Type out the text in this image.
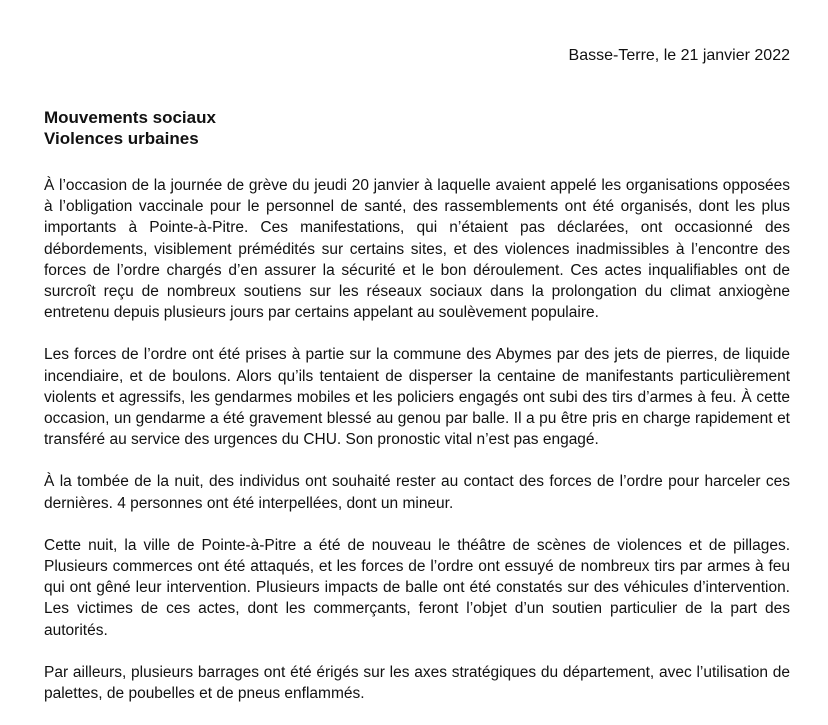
Basse-Terre, le 21 janvier 2022

Mouvements sociaux

Violences urbaines

À l’occasion de la journée de grève du jeudi 20 janvier à laquelle avaient appelé les organisations opposées à l’obligation vaccinale pour le personnel de santé, des rassemblements ont été organisés, dont les plus importants à Pointe-à-Pitre. Ces manifestations, qui n’étaient pas déclarées, ont occasionné des débordements, visiblement prémédités sur certains sites, et des violences inadmissibles à l’encontre des forces de l’ordre chargés d’en assurer la sécurité et le bon déroulement. Ces actes inqualifiables ont de surcroît reçu de nombreux soutiens sur les réseaux sociaux dans la prolongation du climat anxiogène entretenu depuis plusieurs jours par certains appelant au soulèvement populaire.

Les forces de l’ordre ont été prises à partie sur la commune des Abymes par des jets de pierres, de liquide incendiaire, et de boulons. Alors qu’ils tentaient de disperser la centaine de manifestants particulièrement violents et agressifs, les gendarmes mobiles et les policiers engagés ont subi des tirs d’armes à feu. À cette occasion, un gendarme a été gravement blessé au genou par balle. Il a pu être pris en charge rapidement et transféré au service des urgences du CHU. Son pronostic vital n’est pas engagé.

À la tombée de la nuit, des individus ont souhaité rester au contact des forces de l’ordre pour harceler ces dernières. 4 personnes ont été interpellées, dont un mineur.

Cette nuit, la ville de Pointe-à-Pitre a été de nouveau le théâtre de scènes de violences et de pillages. Plusieurs commerces ont été attaqués, et les forces de l’ordre ont essuyé de nombreux tirs par armes à feu qui ont gêné leur intervention. Plusieurs impacts de balle ont été constatés sur des véhicules d’intervention. Les victimes de ces actes, dont les commerçants, feront l’objet d’un soutien particulier de la part des autorités.

Par ailleurs, plusieurs barrages ont été érigés sur les axes stratégiques du département, avec l’utilisation de palettes, de poubelles et de pneus enflammés.
